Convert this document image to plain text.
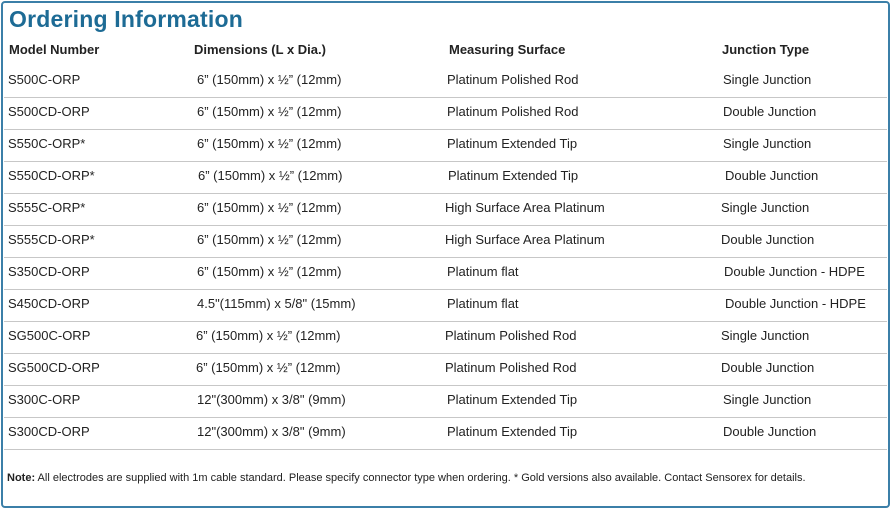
Ordering Information
Model Number	Dimensions (L x Dia.)	Measuring Surface	Junction Type
S500C-ORP	6” (150mm) x ½” (12mm)	Platinum Polished Rod	Single Junction
S500CD-ORP	6” (150mm) x ½” (12mm)	Platinum Polished Rod	Double Junction
S550C-ORP*	6” (150mm) x ½” (12mm)	Platinum Extended Tip	Single Junction
S550CD-ORP*	6” (150mm) x ½” (12mm)	Platinum Extended Tip	Double Junction
S555C-ORP*	6” (150mm) x ½” (12mm)	High Surface Area Platinum	Single Junction
S555CD-ORP*	6” (150mm) x ½” (12mm)	High Surface Area Platinum	Double Junction
S350CD-ORP	6” (150mm) x ½” (12mm)	Platinum flat	Double Junction - HDPE
S450CD-ORP	4.5"(115mm) x 5/8" (15mm)	Platinum flat	Double Junction - HDPE
SG500C-ORP	6” (150mm) x ½” (12mm)	Platinum Polished Rod	Single Junction
SG500CD-ORP	6” (150mm) x ½” (12mm)	Platinum Polished Rod	Double Junction
S300C-ORP	12"(300mm) x 3/8" (9mm)	Platinum Extended Tip	Single Junction
S300CD-ORP	12"(300mm) x 3/8" (9mm)	Platinum Extended Tip	Double Junction
Note: All electrodes are supplied with 1m cable standard. Please specify connector type when ordering. * Gold versions also available. Contact Sensorex for details.
